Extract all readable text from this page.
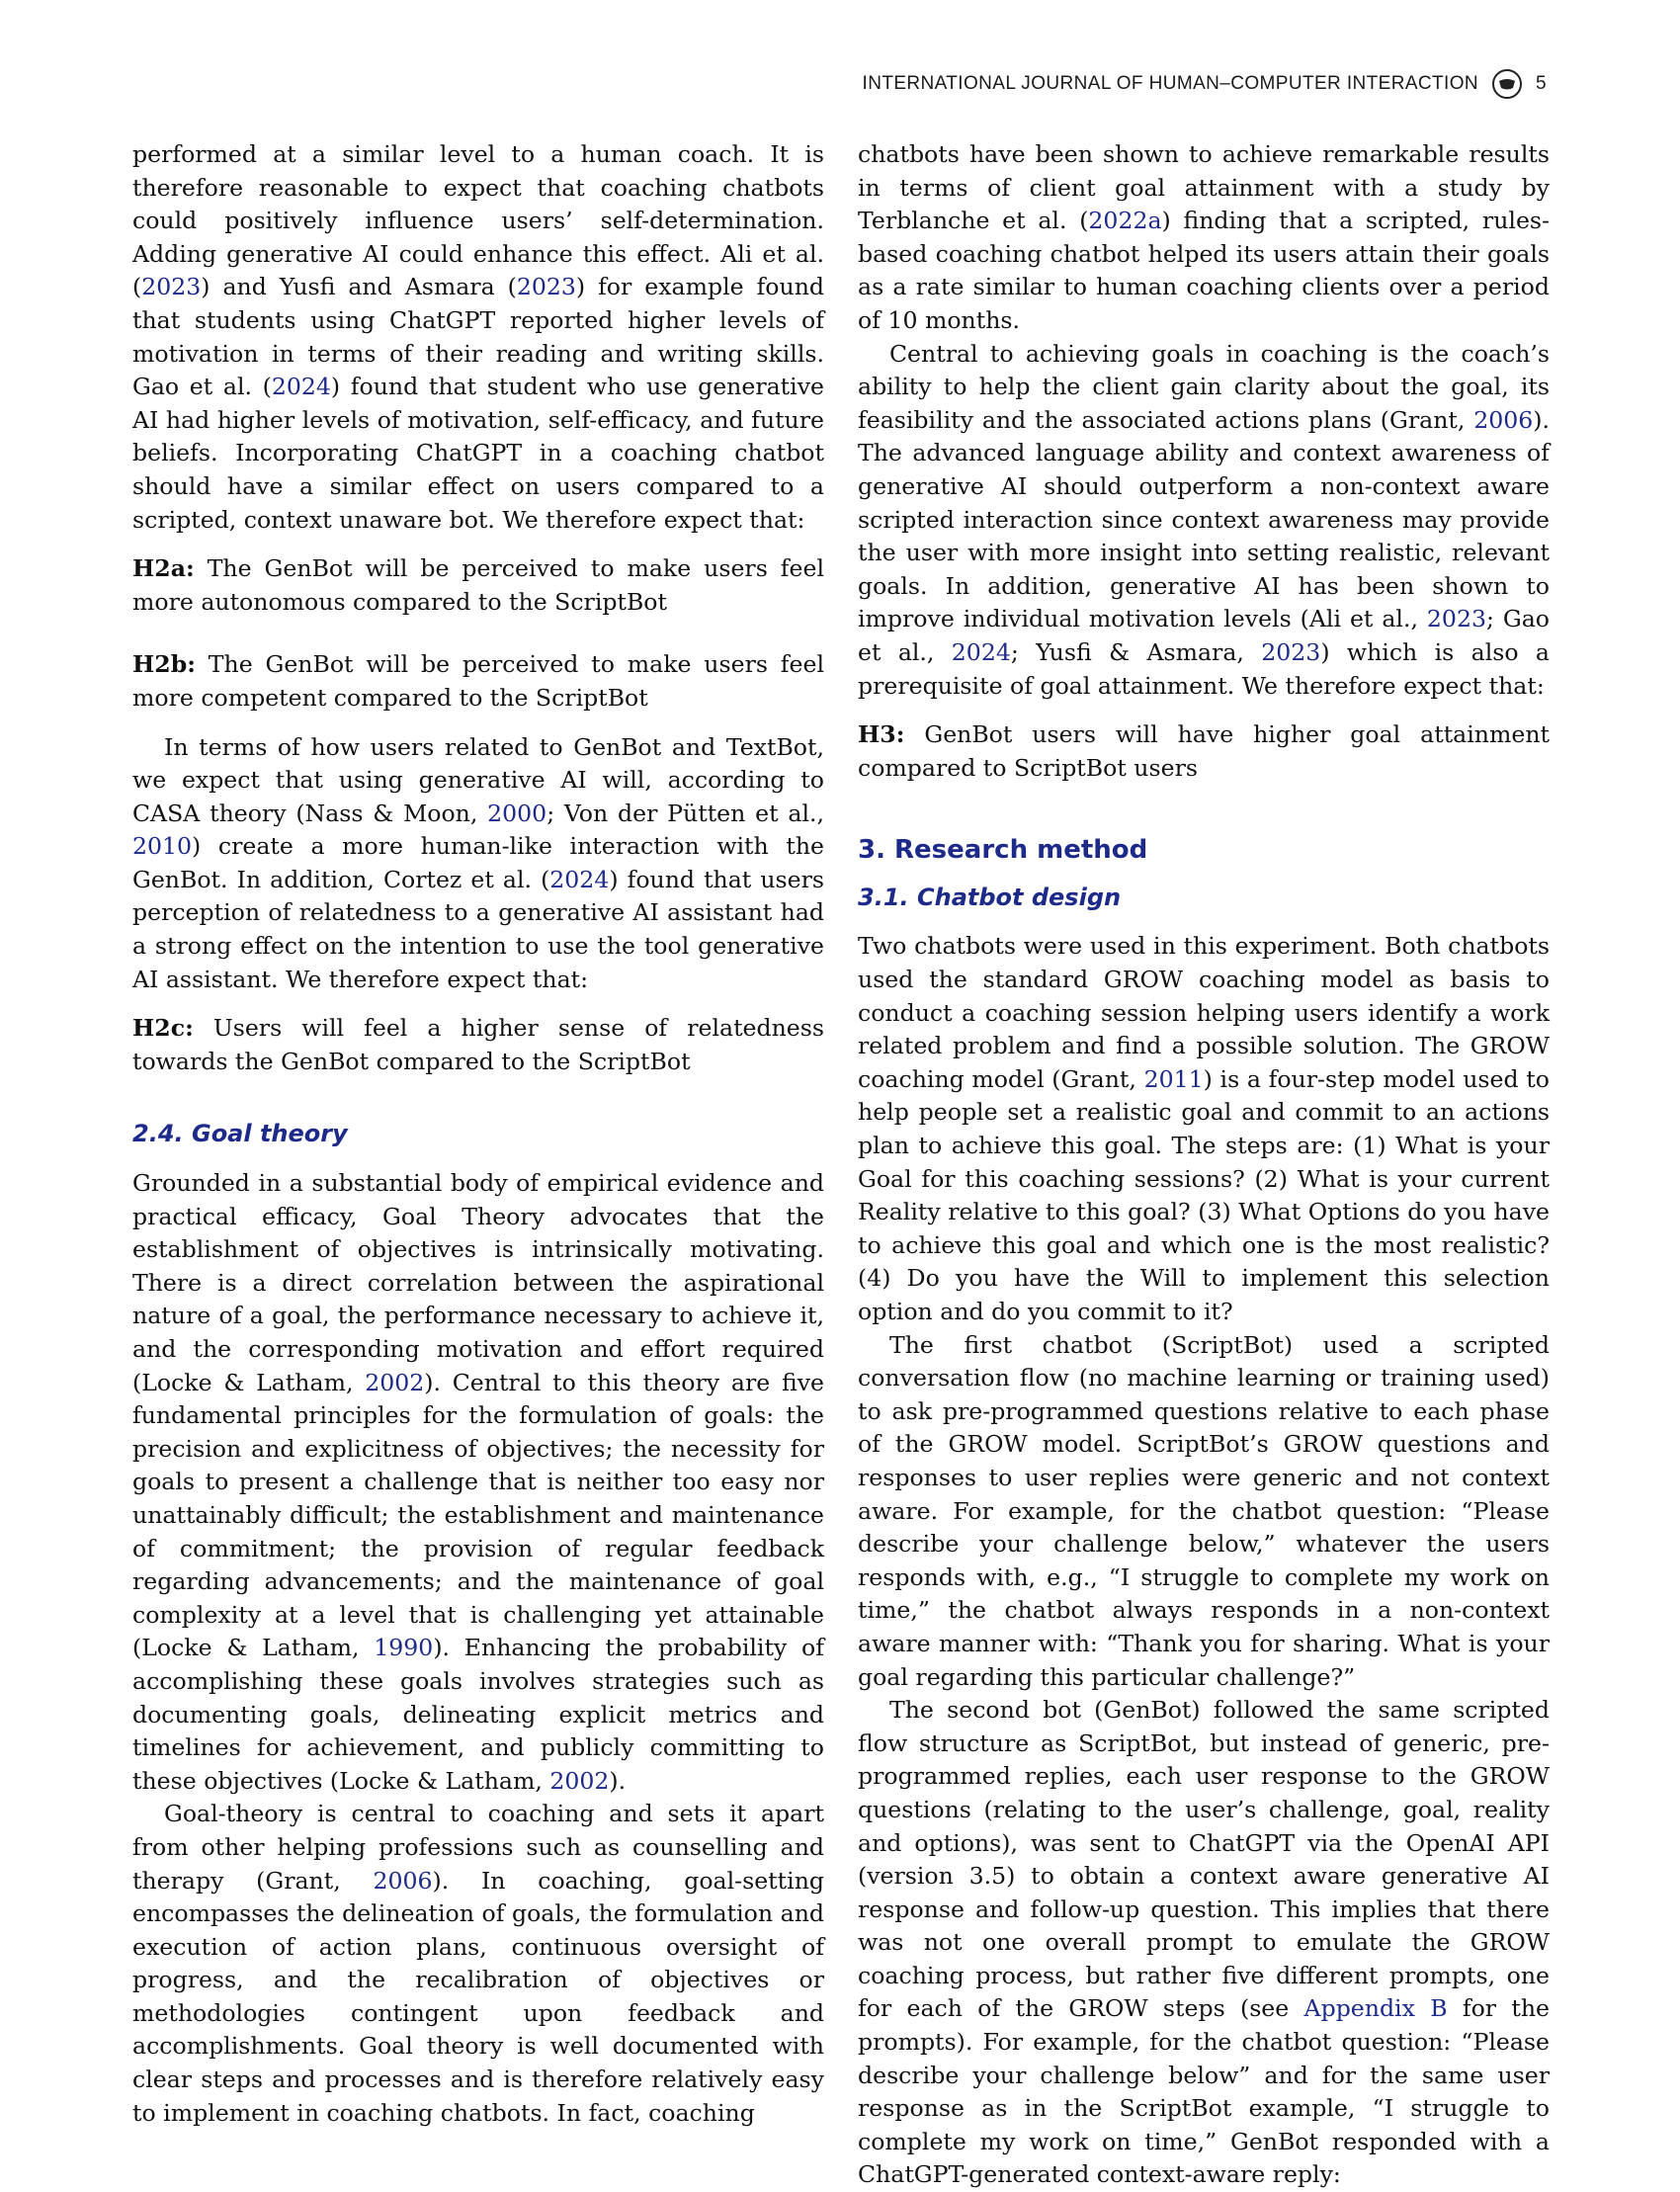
INTERNATIONAL JOURNAL OF HUMAN–COMPUTER INTERACTION	5

performed at a similar level to a human coach. It is therefore reasonable to expect that coaching chatbots could positively influence users’ self-determination. Adding generative AI could enhance this effect. Ali et al. (2023) and Yusfi and Asmara (2023) for example found that students using ChatGPT reported higher levels of motivation in terms of their reading and writing skills. Gao et al. (2024) found that student who use generative AI had higher levels of motivation, self-efficacy, and future beliefs. Incorporating ChatGPT in a coaching chatbot should have a similar effect on users compared to a scripted, context unaware bot. We therefore expect that:

H2a: The GenBot will be perceived to make users feel more autonomous compared to the ScriptBot

H2b: The GenBot will be perceived to make users feel more competent compared to the ScriptBot

In terms of how users related to GenBot and TextBot, we expect that using generative AI will, according to CASA theory (Nass & Moon, 2000; Von der Pütten et al., 2010) create a more human-like interaction with the GenBot. In addition, Cortez et al. (2024) found that users perception of relatedness to a generative AI assistant had a strong effect on the intention to use the tool generative AI assistant. We therefore expect that:

H2c: Users will feel a higher sense of relatedness towards the GenBot compared to the ScriptBot

2.4. Goal theory

Grounded in a substantial body of empirical evidence and practical efficacy, Goal Theory advocates that the establishment of objectives is intrinsically motivating. There is a direct correlation between the aspirational nature of a goal, the performance necessary to achieve it, and the corresponding motivation and effort required (Locke & Latham, 2002). Central to this theory are five fundamental principles for the formulation of goals: the precision and explicitness of objectives; the necessity for goals to present a challenge that is neither too easy nor unattainably difficult; the establishment and maintenance of commitment; the provision of regular feedback regarding advancements; and the maintenance of goal complexity at a level that is challenging yet attainable (Locke & Latham, 1990). Enhancing the probability of accomplishing these goals involves strategies such as documenting goals, delineating explicit metrics and timelines for achievement, and publicly committing to these objectives (Locke & Latham, 2002).

Goal-theory is central to coaching and sets it apart from other helping professions such as counselling and therapy (Grant, 2006). In coaching, goal-setting encompasses the delineation of goals, the formulation and execution of action plans, continuous oversight of progress, and the recalibration of objectives or methodologies contingent upon feedback and accomplishments. Goal theory is well documented with clear steps and processes and is therefore relatively easy to implement in coaching chatbots. In fact, coaching

chatbots have been shown to achieve remarkable results in terms of client goal attainment with a study by Terblanche et al. (2022a) finding that a scripted, rules-based coaching chatbot helped its users attain their goals as a rate similar to human coaching clients over a period of 10 months.

Central to achieving goals in coaching is the coach’s ability to help the client gain clarity about the goal, its feasibility and the associated actions plans (Grant, 2006). The advanced language ability and context awareness of generative AI should outperform a non-context aware scripted interaction since context awareness may provide the user with more insight into setting realistic, relevant goals. In addition, generative AI has been shown to improve individual motivation levels (Ali et al., 2023; Gao et al., 2024; Yusfi & Asmara, 2023) which is also a prerequisite of goal attainment. We therefore expect that:

H3: GenBot users will have higher goal attainment compared to ScriptBot users

3. Research method
3.1. Chatbot design

Two chatbots were used in this experiment. Both chatbots used the standard GROW coaching model as basis to conduct a coaching session helping users identify a work related problem and find a possible solution. The GROW coaching model (Grant, 2011) is a four-step model used to help people set a realistic goal and commit to an actions plan to achieve this goal. The steps are: (1) What is your Goal for this coaching sessions? (2) What is your current Reality relative to this goal? (3) What Options do you have to achieve this goal and which one is the most realistic? (4) Do you have the Will to implement this selection option and do you commit to it?

The first chatbot (ScriptBot) used a scripted conversation flow (no machine learning or training used) to ask pre-programmed questions relative to each phase of the GROW model. ScriptBot’s GROW questions and responses to user replies were generic and not context aware. For example, for the chatbot question: “Please describe your challenge below,” whatever the users responds with, e.g., “I struggle to complete my work on time,” the chatbot always responds in a non-context aware manner with: “Thank you for sharing. What is your goal regarding this particular challenge?”

The second bot (GenBot) followed the same scripted flow structure as ScriptBot, but instead of generic, pre-programmed replies, each user response to the GROW questions (relating to the user’s challenge, goal, reality and options), was sent to ChatGPT via the OpenAI API (version 3.5) to obtain a context aware generative AI response and follow-up question. This implies that there was not one overall prompt to emulate the GROW coaching process, but rather five different prompts, one for each of the GROW steps (see Appendix B for the prompts). For example, for the chatbot question: “Please describe your challenge below” and for the same user response as in the ScriptBot example, “I struggle to complete my work on time,” GenBot responded with a ChatGPT-generated context-aware reply:
